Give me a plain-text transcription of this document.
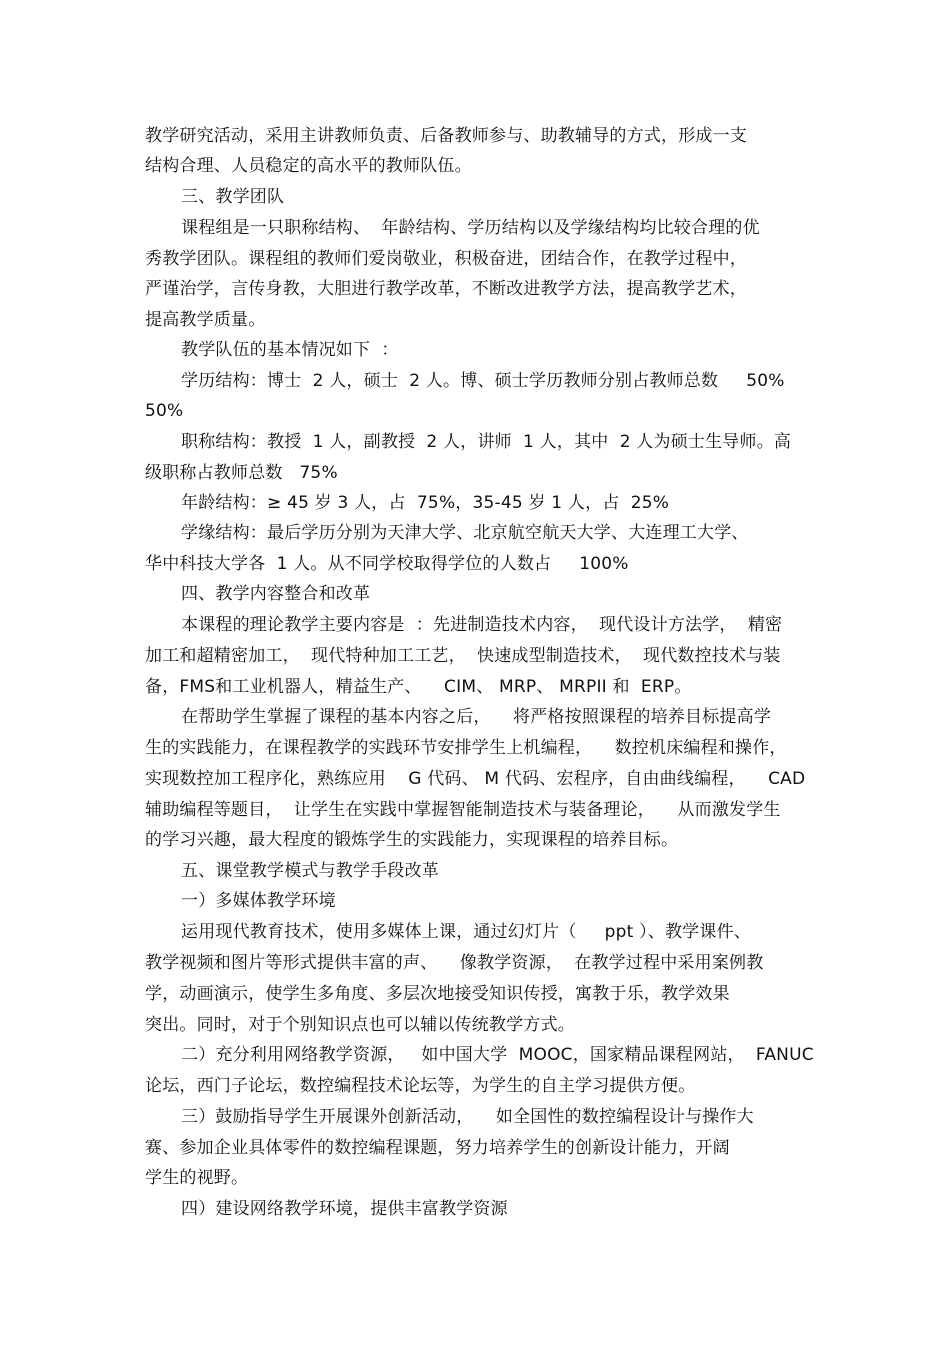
教学研究活动，采用主讲教师负责、后备教师参与、助教辅导的方式，形成一支
结构合理、人员稳定的高水平的教师队伍。
三、教学团队
课程组是一只职称结构、  年龄结构、学历结构以及学缘结构均比较合理的优
秀教学团队。课程组的教师们爱岗敬业，积极奋进，团结合作，在教学过程中，
严谨治学，言传身教，大胆进行教学改革，不断改进教学方法，提高教学艺术，
提高教学质量。
教学队伍的基本情况如下  ：
学历结构：博士  2 人，硕士  2 人。博、硕士学历教师分别占教师总数     50%
50%
职称结构：教授  1 人，副教授  2 人，讲师  1 人，其中  2 人为硕士生导师。高
级职称占教师总数   75%
年龄结构：≥ 45 岁 3 人，占  75%，35-45 岁 1 人，占  25%
学缘结构：最后学历分别为天津大学、北京航空航天大学、大连理工大学、
华中科技大学各  1 人。从不同学校取得学位的人数占     100%
四、教学内容整合和改革
本课程的理论教学主要内容是  ：先进制造技术内容，  现代设计方法学，  精密
加工和超精密加工，  现代特种加工工艺，  快速成型制造技术，  现代数控技术与装
备，FMS和工业机器人，精益生产、    CIM、 MRP、 MRPII 和  ERP。
在帮助学生掌握了课程的基本内容之后，    将严格按照课程的培养目标提高学
生的实践能力，在课程教学的实践环节安排学生上机编程，    数控机床编程和操作，
实现数控加工程序化，熟练应用    G 代码、 M 代码、宏程序，自由曲线编程，    CAD
辅助编程等题目，  让学生在实践中掌握智能制造技术与装备理论，    从而激发学生
的学习兴趣，最大程度的锻炼学生的实践能力，实现课程的培养目标。
五、课堂教学模式与教学手段改革
一）多媒体教学环境
运用现代教育技术，使用多媒体上课，通过幻灯片（     ppt ）、教学课件、
教学视频和图片等形式提供丰富的声、    像教学资源，  在教学过程中采用案例教
学，动画演示，使学生多角度、多层次地接受知识传授，寓教于乐，教学效果
突出。同时，对于个别知识点也可以辅以传统教学方式。
二）充分利用网络教学资源，   如中国大学  MOOC，国家精品课程网站，  FANUC
论坛，西门子论坛，数控编程技术论坛等，为学生的自主学习提供方便。
三）鼓励指导学生开展课外创新活动，    如全国性的数控编程设计与操作大
赛、参加企业具体零件的数控编程课题，努力培养学生的创新设计能力，开阔
学生的视野。
四）建设网络教学环境，提供丰富教学资源
